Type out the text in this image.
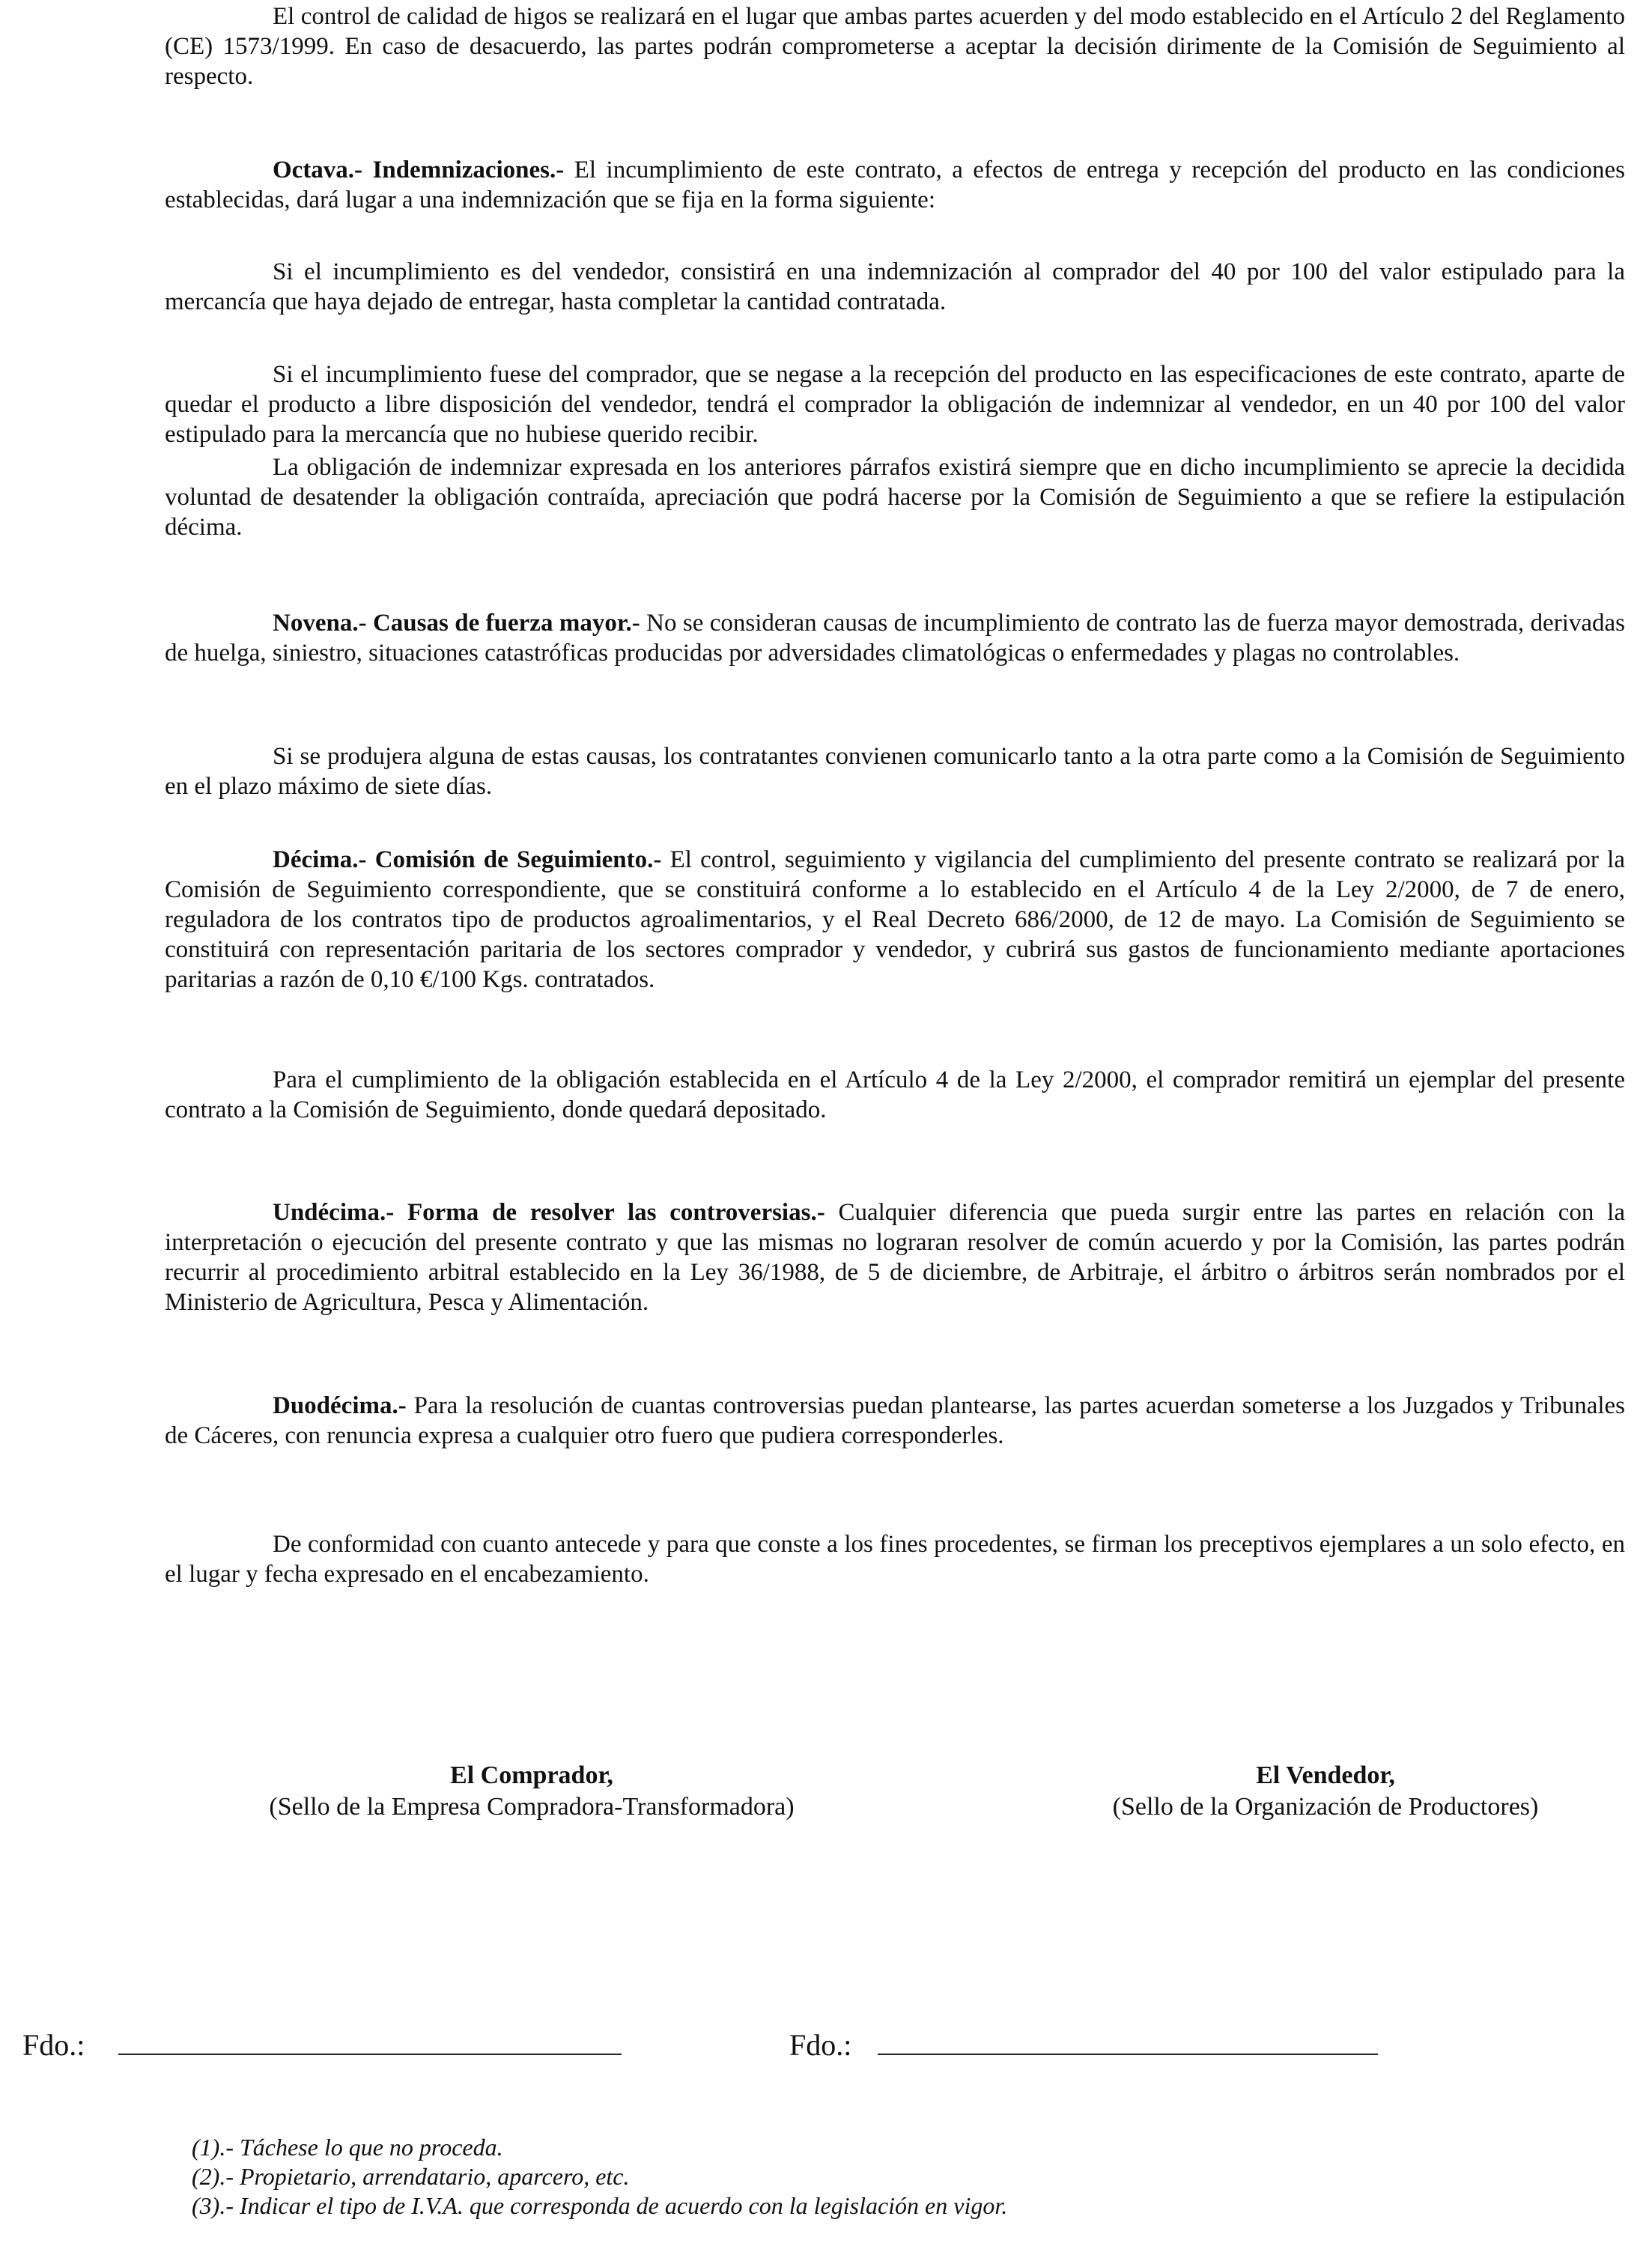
El control de calidad de higos se realizará en el lugar que ambas partes acuerden y del modo establecido en el Artículo 2 del Reglamento (CE) 1573/1999. En caso de desacuerdo, las partes podrán comprometerse a aceptar la decisión dirimente de la Comisión de Seguimiento al respecto.

Octava.- Indemnizaciones.- El incumplimiento de este contrato, a efectos de entrega y recepción del producto en las condiciones establecidas, dará lugar a una indemnización que se fija en la forma siguiente:

Si el incumplimiento es del vendedor, consistirá en una indemnización al comprador del 40 por 100 del valor estipulado para la mercancía que haya dejado de entregar, hasta completar la cantidad contratada.

Si el incumplimiento fuese del comprador, que se negase a la recepción del producto en las especificaciones de este contrato, aparte de quedar el producto a libre disposición del vendedor, tendrá el comprador la obligación de indemnizar al vendedor, en un 40 por 100 del valor estipulado para la mercancía que no hubiese querido recibir.

La obligación de indemnizar expresada en los anteriores párrafos existirá siempre que en dicho incumplimiento se aprecie la decidida voluntad de desatender la obligación contraída, apreciación que podrá hacerse por la Comisión de Seguimiento a que se refiere la estipulación décima.

Novena.- Causas de fuerza mayor.- No se consideran causas de incumplimiento de contrato las de fuerza mayor demostrada, derivadas de huelga, siniestro, situaciones catastróficas producidas por adversidades climatológicas o enfermedades y plagas no controlables.

Si se produjera alguna de estas causas, los contratantes convienen comunicarlo tanto a la otra parte como a la Comisión de Seguimiento en el plazo máximo de siete días.

Décima.- Comisión de Seguimiento.- El control, seguimiento y vigilancia del cumplimiento del presente contrato se realizará por la Comisión de Seguimiento correspondiente, que se constituirá conforme a lo establecido en el Artículo 4 de la Ley 2/2000, de 7 de enero, reguladora de los contratos tipo de productos agroalimentarios, y el Real Decreto 686/2000, de 12 de mayo. La Comisión de Seguimiento se constituirá con representación paritaria de los sectores comprador y vendedor, y cubrirá sus gastos de funcionamiento mediante aportaciones paritarias a razón de 0,10 €/100 Kgs. contratados.

Para el cumplimiento de la obligación establecida en el Artículo 4 de la Ley 2/2000, el comprador remitirá un ejemplar del presente contrato a la Comisión de Seguimiento, donde quedará depositado.

Undécima.- Forma de resolver las controversias.- Cualquier diferencia que pueda surgir entre las partes en relación con la interpretación o ejecución del presente contrato y que las mismas no lograran resolver de común acuerdo y por la Comisión, las partes podrán recurrir al procedimiento arbitral establecido en la Ley 36/1988, de 5 de diciembre, de Arbitraje, el árbitro o árbitros serán nombrados por el Ministerio de Agricultura, Pesca y Alimentación.

Duodécima.- Para la resolución de cuantas controversias puedan plantearse, las partes acuerdan someterse a los Juzgados y Tribunales de Cáceres, con renuncia expresa a cualquier otro fuero que pudiera corresponderles.

De conformidad con cuanto antecede y para que conste a los fines procedentes, se firman los preceptivos ejemplares a un solo efecto, en el lugar y fecha expresado en el encabezamiento.

El Comprador,
(Sello de la Empresa Compradora-Transformadora)
El Vendedor,
(Sello de la Organización de Productores)
Fdo.:	Fdo.:
(1).- Táchese lo que no proceda.
(2).- Propietario, arrendatario, aparcero, etc.
(3).- Indicar el tipo de I.V.A. que corresponda de acuerdo con la legislación en vigor.
